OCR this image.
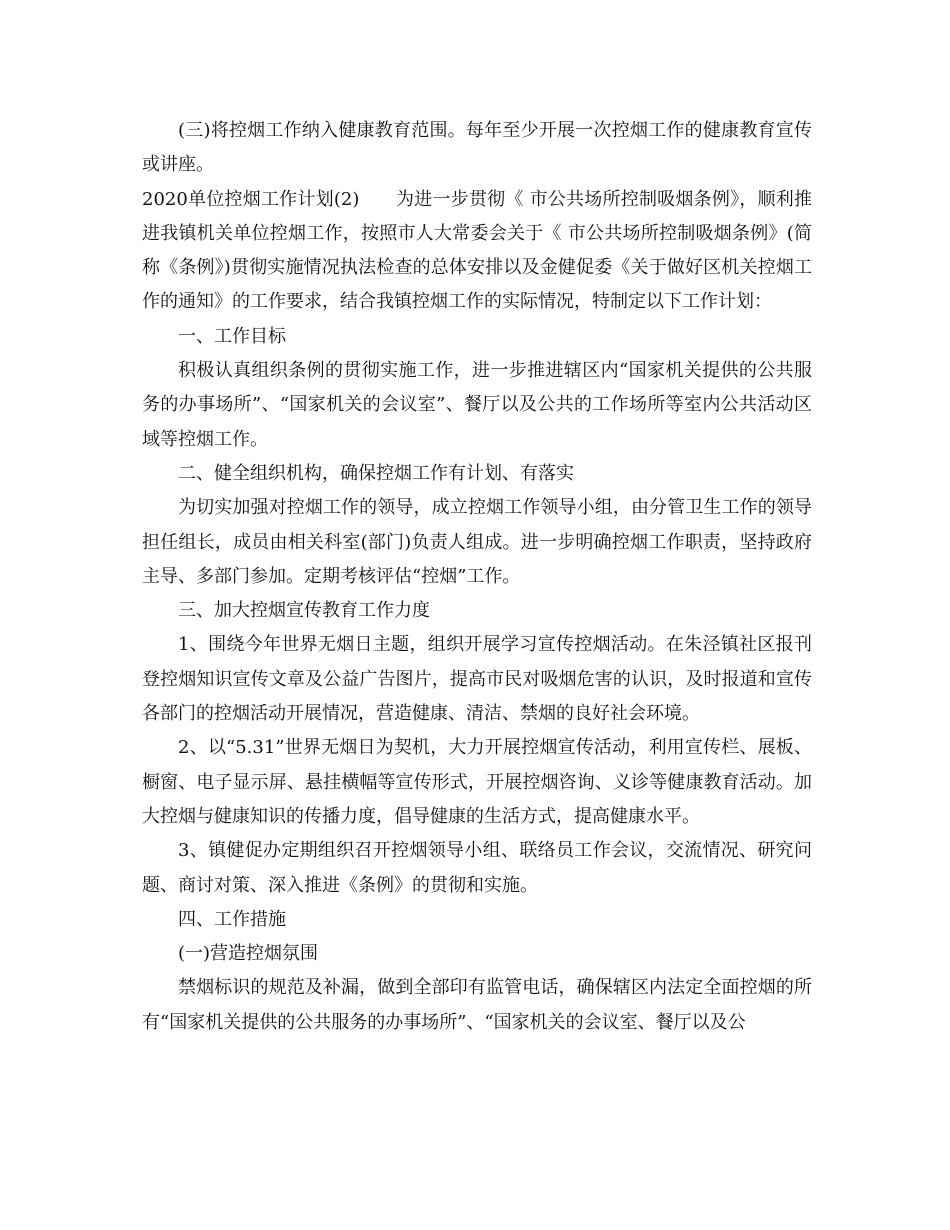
(三)将控烟工作纳入健康教育范围。每年至少开展一次控烟工作的健康教育宣传或讲座。

2020单位控烟工作计划(2)　　为进一步贯彻《 市公共场所控制吸烟条例》，顺利推进我镇机关单位控烟工作，按照市人大常委会关于《 市公共场所控制吸烟条例》(简称《条例》)贯彻实施情况执法检查的总体安排以及金健促委《关于做好区机关控烟工作的通知》的工作要求，结合我镇控烟工作的实际情况，特制定以下工作计划：

一、工作目标

积极认真组织条例的贯彻实施工作，进一步推进辖区内“国家机关提供的公共服务的办事场所”、“国家机关的会议室”、餐厅以及公共的工作场所等室内公共活动区域等控烟工作。

二、健全组织机构，确保控烟工作有计划、有落实

为切实加强对控烟工作的领导，成立控烟工作领导小组，由分管卫生工作的领导担任组长，成员由相关科室(部门)负责人组成。进一步明确控烟工作职责，坚持政府主导、多部门参加。定期考核评估“控烟”工作。

三、加大控烟宣传教育工作力度

1、围绕今年世界无烟日主题，组织开展学习宣传控烟活动。在朱泾镇社区报刊登控烟知识宣传文章及公益广告图片，提高市民对吸烟危害的认识，及时报道和宣传各部门的控烟活动开展情况，营造健康、清洁、禁烟的良好社会环境。

2、以“5.31”世界无烟日为契机，大力开展控烟宣传活动，利用宣传栏、展板、橱窗、电子显示屏、悬挂横幅等宣传形式，开展控烟咨询、义诊等健康教育活动。加大控烟与健康知识的传播力度，倡导健康的生活方式，提高健康水平。

3、镇健促办定期组织召开控烟领导小组、联络员工作会议，交流情况、研究问题、商讨对策、深入推进《条例》的贯彻和实施。

四、工作措施

(一)营造控烟氛围

禁烟标识的规范及补漏，做到全部印有监管电话，确保辖区内法定全面控烟的所有“国家机关提供的公共服务的办事场所”、“国家机关的会议室、餐厅以及公
